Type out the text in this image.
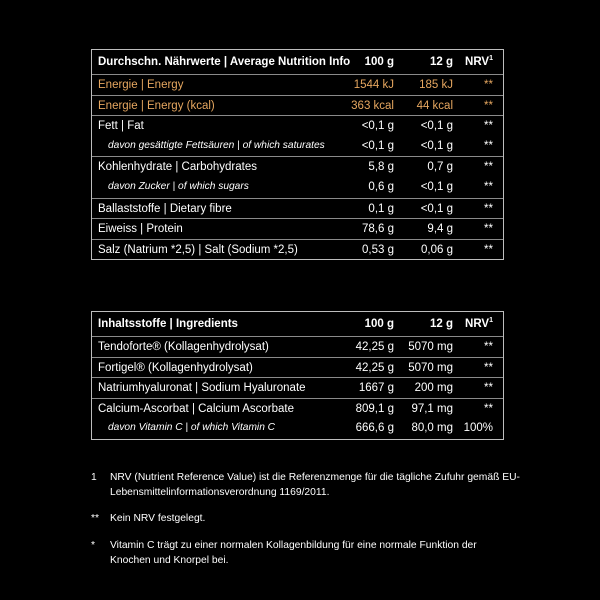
Durchschn. Nährwerte | Average Nutrition Info 100 g	12 g NRV$^1$
Energie | Energy	1544 kJ 185 kJ	**
Energie | Energy (kcal)	363 kcal 44 kcal	**
Fett | Fat	<0,1 g <0,1 g	**
davon gesättigte Fettsäuren | of which saturates	<0,1 g <0,1 g	**
Kohlenhydrate | Carbohydrates	5,8 g	0,7 g	**
davon Zucker | of which sugars	0,6 g <0,1 g	**
Ballaststoffe | Dietary fibre	0,1 g <0,1 g	**
Eiweiss | Protein	78,6 g	9,4 g	**
Salz (Natrium *2,5) | Salt (Sodium *2,5)	0,53 g 0,06 g	**
Inhaltsstoffe | Ingredients	100 g	12 g NRV$^1$
Tendoforte® (Kollagenhydrolysat)	42,25 g 5070 mg	**
Fortigel® (Kollagenhydrolysat)	42,25 g 5070 mg	**
Natriumhyaluronat | Sodium Hyaluronate	1667 g 200 mg	**
Calcium-Ascorbat | Calcium Ascorbate	809,1 g 97,1 mg	**
davon Vitamin C | of which Vitamin C	666,6 g 80,0 mg 100%
1 NRV (Nutrient Reference Value) ist die Referenzmenge für die tägliche Zufuhr gemäß EU-Lebensmittelinformationsverordnung 1169/2011.
** Kein NRV festgelegt.
* Vitamin C trägt zu einer normalen Kollagenbildung für eine normale Funktion der Knochen und Knorpel bei.
